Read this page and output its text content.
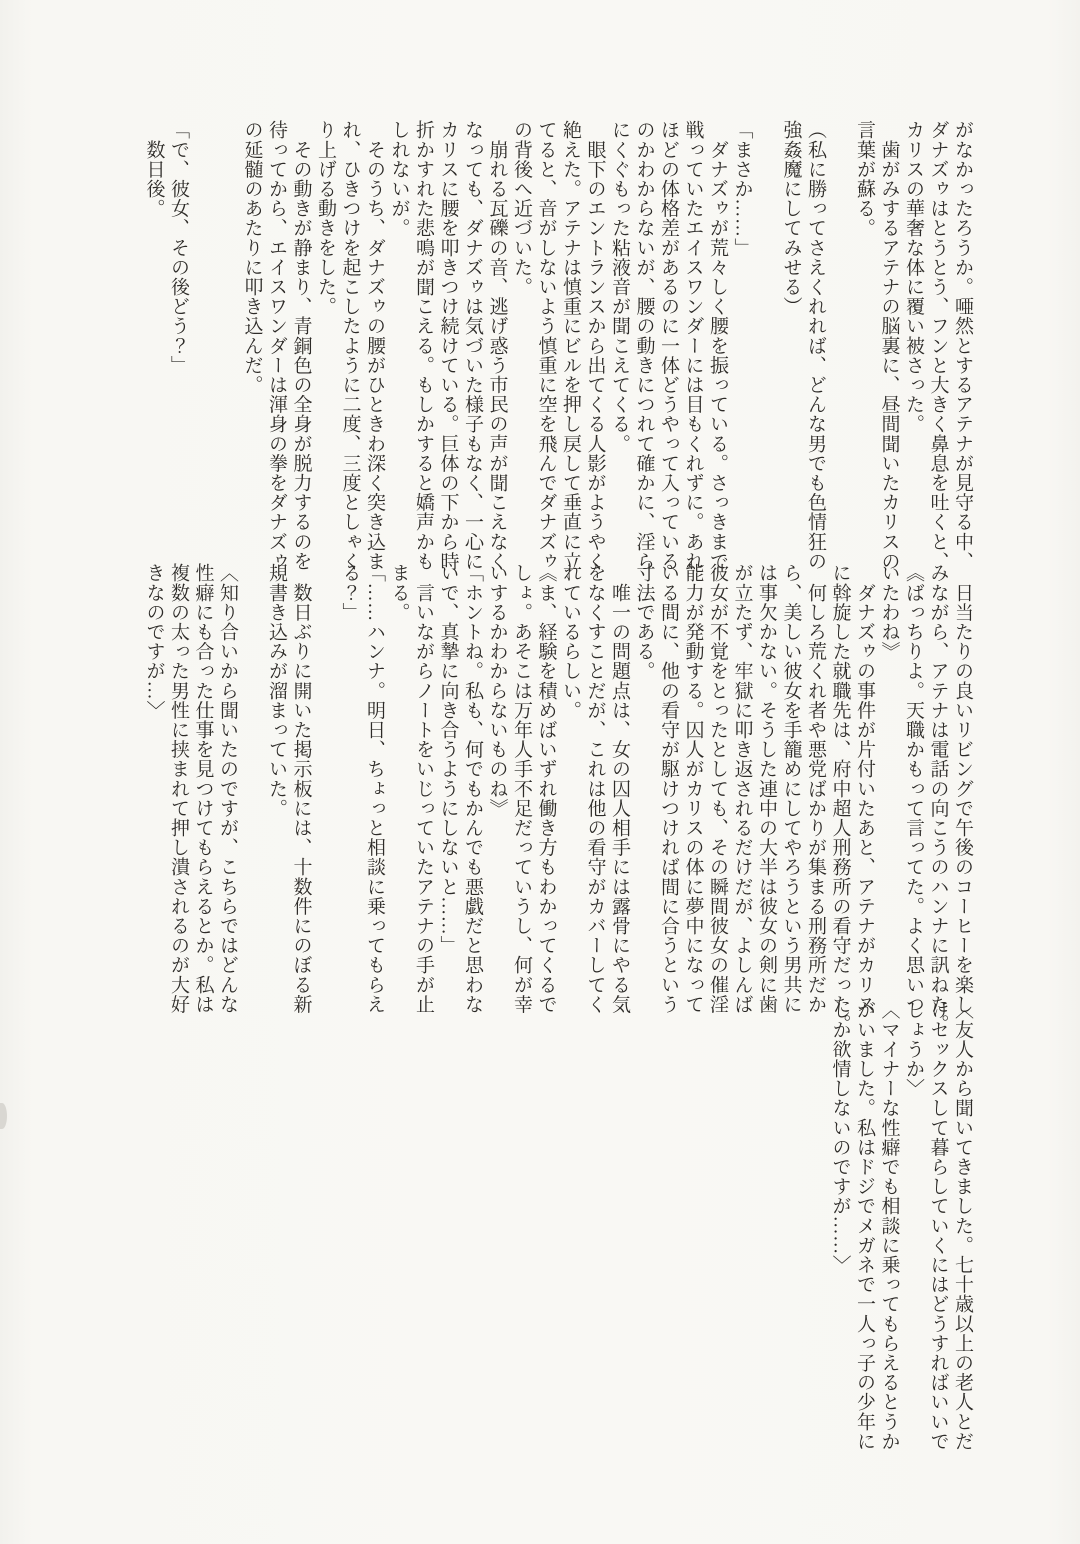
がなかったろうか。唖然とするアテナが見守る中、

ダナズゥはとうとう、フンと大きく鼻息を吐くと、

カリスの華奢な体に覆い被さった。

　歯がみするアテナの脳裏に、昼間聞いたカリスの

言葉が蘇る。

（私に勝ってさえくれれば、どんな男でも色情狂の

強姦魔にしてみせる）

「まさか……」

　ダナズゥが荒々しく腰を振っている。さっきまで

戦っていたエイスワンダーには目もくれずに。あれ

ほどの体格差があるのに一体どうやって入っている

のかわからないが、腰の動きにつれて確かに、淫ら

にくぐもった粘液音が聞こえてくる。

　眼下のエントランスから出てくる人影がようやく

絶えた。アテナは慎重にビルを押し戻して垂直に立

てると、音がしないよう慎重に空を飛んでダナズゥ

の背後へ近づいた。

　崩れる瓦礫の音、逃げ惑う市民の声が聞こえなく

なっても、ダナズゥは気づいた様子もなく、一心に

カリスに腰を叩きつけ続けている。巨体の下から時

折かすれた悲鳴が聞こえる。もしかすると嬌声かも

しれないが。

　そのうち、ダナズゥの腰がひときわ深く突き込ま

れ、ひきつけを起こしたように二度、三度としゃく

り上げる動きをした。

　その動きが静まり、青銅色の全身が脱力するのを

待ってから、エイスワンダーは渾身の拳をダナズゥ

の延髄のあたりに叩き込んだ。

「で、彼女、その後どう？」

　数日後。

　日当たりの良いリビングで午後のコーヒーを楽し

みながら、アテナは電話の向こうのハンナに訊ねた。

《ばっちりよ。天職かもって言ってた。よく思いつ

いたわね》

　ダナズゥの事件が片付いたあと、アテナがカリス

に斡旋した就職先は、府中超人刑務所の看守だった。

　何しろ荒くれ者や悪党ばかりが集まる刑務所だか

ら、美しい彼女を手籠めにしてやろうという男共に

は事欠かない。そうした連中の大半は彼女の剣に歯

が立たず、牢獄に叩き返されるだけだが、よしんば

彼女が不覚をとったとしても、その瞬間彼女の催淫

能力が発動する。囚人がカリスの体に夢中になって

いる間に、他の看守が駆けつければ間に合うという

寸法である。

　唯一の問題点は、女の囚人相手には露骨にやる気

をなくすことだが、これは他の看守がカバーしてく

れているらしい。

《ま、経験を積めばいずれ働き方もわかってくるで

しょ。あそこは万年人手不足だっていうし、何が幸

いするかわからないものね》

「ホントね。私も、何でもかんでも悪戯だと思わな

いで、真摯に向き合うようにしないと……」

　言いながらノートをいじっていたアテナの手が止

まる。

「……ハンナ。明日、ちょっと相談に乗ってもらえ

る？」

　数日ぶりに開いた掲示板には、十数件にのぼる新

規書き込みが溜まっていた。

〈知り合いから聞いたのですが、こちらではどんな

性癖にも合った仕事を見つけてもらえるとか。私は

複数の太った男性に挟まれて押し潰されるのが大好

きなのですが…〉

〈友人から聞いてきました。七十歳以上の老人とだ

けセックスして暮らしていくにはどうすればいいで

しょうか〉

〈マイナーな性癖でも相談に乗ってもらえるとうか

がいました。私はドジでメガネで一人っ子の少年に

しか欲情しないのですが……〉
